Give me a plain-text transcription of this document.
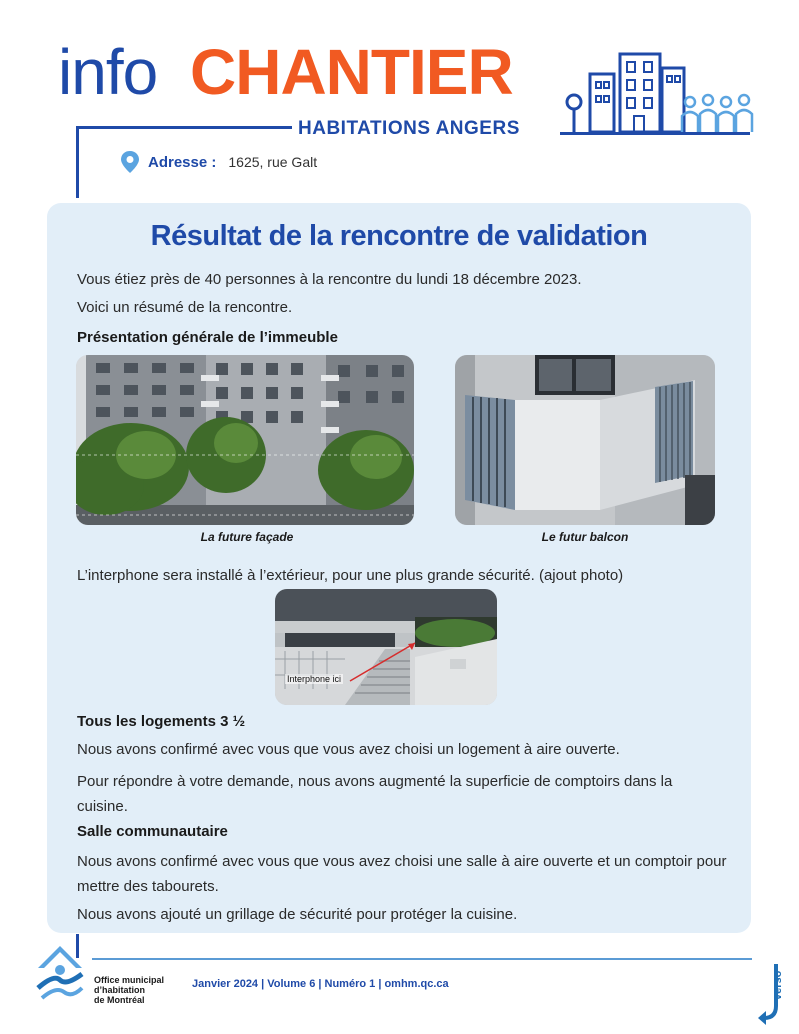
info CHANTIER
HABITATIONS ANGERS
Adresse : 1625, rue Galt
Résultat de la rencontre de validation
Vous étiez près de 40 personnes à la rencontre du lundi 18 décembre 2023.
Voici un résumé de la rencontre.
Présentation générale de l’immeuble
La future façade	Le futur balcon
L’interphone sera installé à l’extérieur, pour une plus grande sécurité. (ajout photo)
Interphone ici
Tous les logements 3 ½
Nous avons confirmé avec vous que vous avez choisi un logement à aire ouverte.
Pour répondre à votre demande, nous avons augmenté la superficie de comptoirs dans la cuisine.
Salle communautaire
Nous avons confirmé avec vous que vous avez choisi une salle à aire ouverte et un comptoir pour mettre des tabourets.
Nous avons ajouté un grillage de sécurité pour protéger la cuisine.
Office municipal
d’habitation
de Montréal
Janvier 2024 | Volume 6 | Numéro 1 | omhm.qc.ca	verso
